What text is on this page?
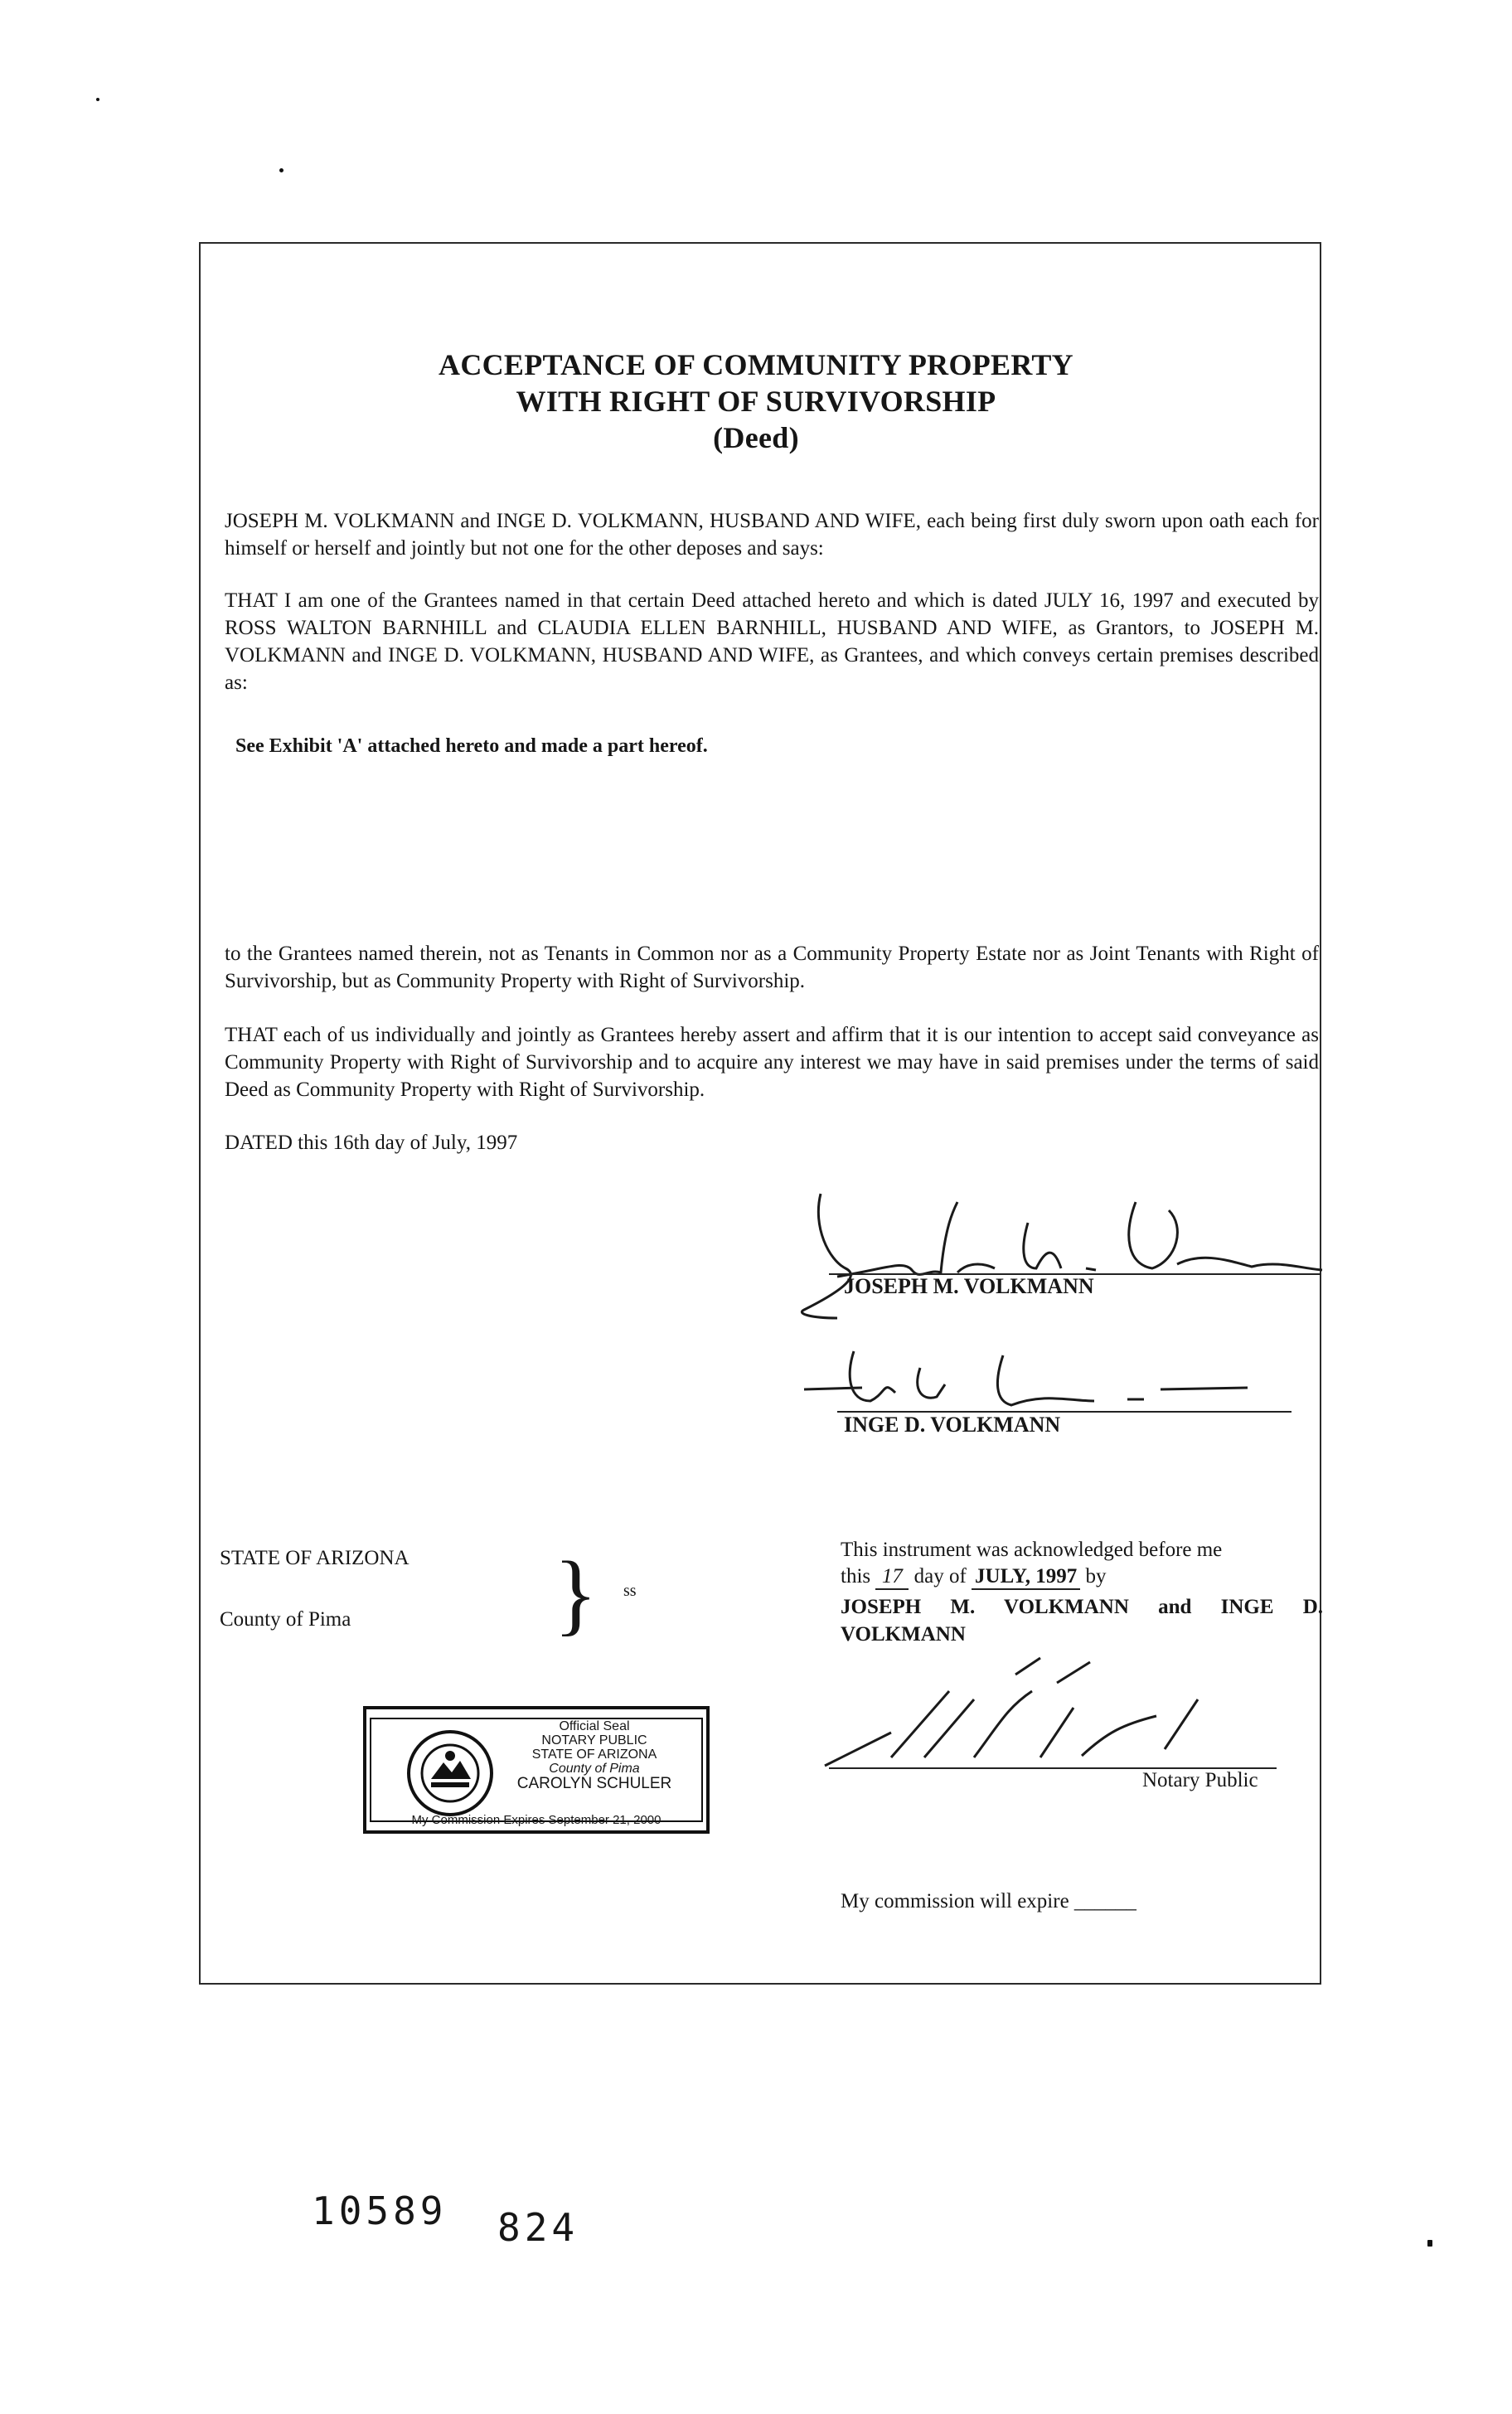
ACCEPTANCE OF COMMUNITY PROPERTY
WITH RIGHT OF SURVIVORSHIP
(Deed)

JOSEPH M. VOLKMANN and INGE D. VOLKMANN, HUSBAND AND WIFE, each being first duly sworn upon oath each for himself or herself and jointly but not one for the other deposes and says:

THAT I am one of the Grantees named in that certain Deed attached hereto and which is dated JULY 16, 1997 and executed by ROSS WALTON BARNHILL and CLAUDIA ELLEN BARNHILL, HUSBAND AND WIFE, as Grantors, to JOSEPH M. VOLKMANN and INGE D. VOLKMANN, HUSBAND AND WIFE, as Grantees, and which conveys certain premises described as:

See Exhibit 'A' attached hereto and made a part hereof.

to the Grantees named therein, not as Tenants in Common nor as a Community Property Estate nor as Joint Tenants with Right of Survivorship, but as Community Property with Right of Survivorship.

THAT each of us individually and jointly as Grantees hereby assert and affirm that it is our intention to accept said conveyance as Community Property with Right of Survivorship and to acquire any interest we may have in said premises under the terms of said Deed as Community Property with Right of Survivorship.

DATED this 16th day of July, 1997

JOSEPH M. VOLKMANN
INGE D. VOLKMANN
STATE OF ARIZONA
County of Pima } ss
This instrument was acknowledged before me
this 17 day of JULY, 1997 by
JOSEPH M. VOLKMANN and INGE D. VOLKMANN
Notary Public
My commission will expire ______
Official Seal
NOTARY PUBLIC
STATE OF ARIZONA
County of Pima
CAROLYN SCHULER
My Commission Expires September 21, 2000
10589 824
